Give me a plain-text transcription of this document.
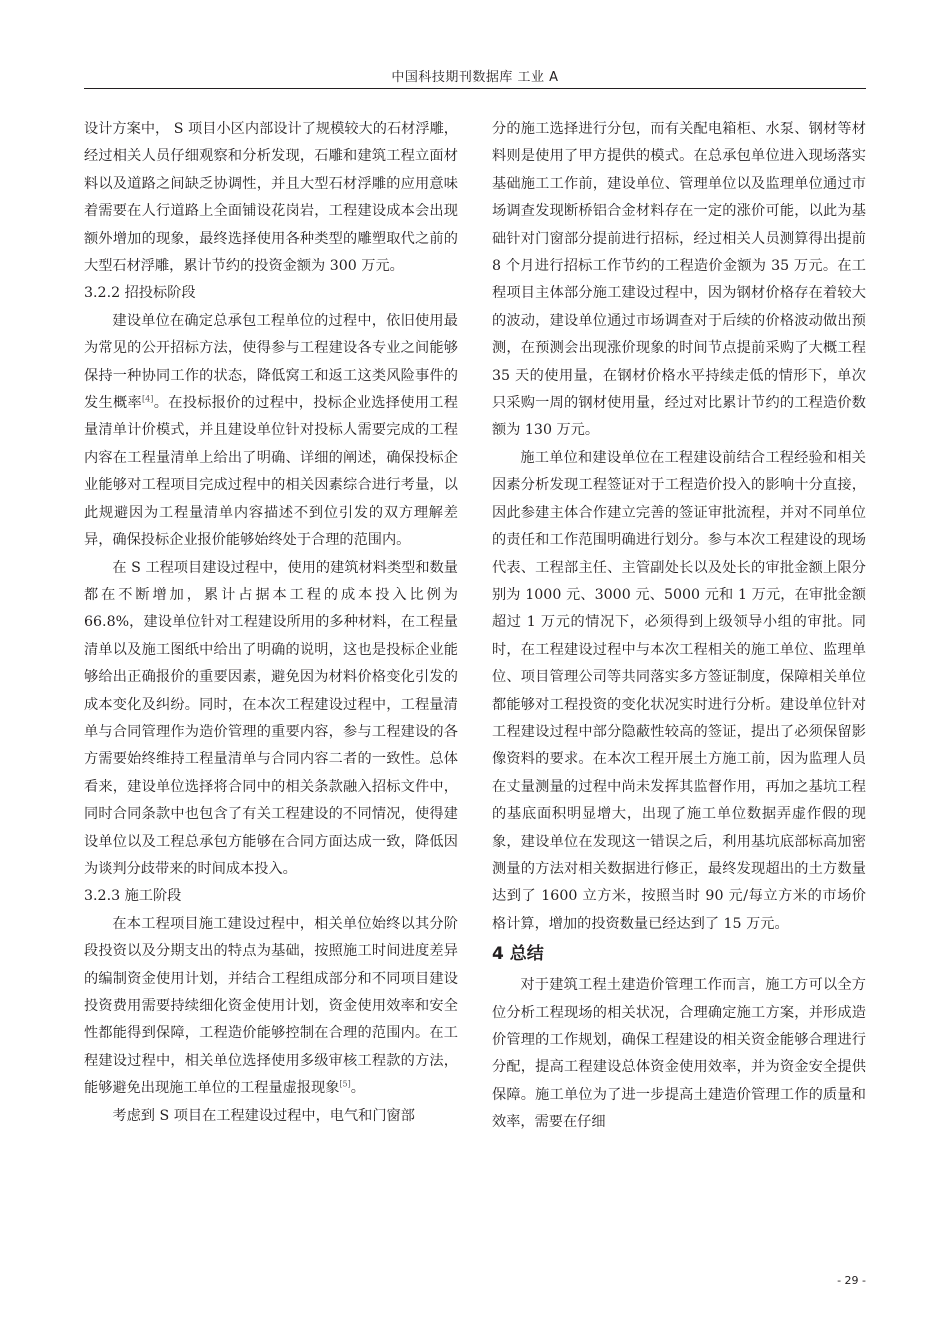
中国科技期刊数据库 工业 A

设计方案中， S 项目小区内部设计了规模较大的石材浮雕，经过相关人员仔细观察和分析发现，石雕和建筑工程立面材料以及道路之间缺乏协调性，并且大型石材浮雕的应用意味着需要在人行道路上全面铺设花岗岩，工程建设成本会出现额外增加的现象，最终选择使用各种类型的雕塑取代之前的大型石材浮雕，累计节约的投资金额为 300 万元。

3.2.2 招投标阶段

建设单位在确定总承包工程单位的过程中，依旧使用最为常见的公开招标方法，使得参与工程建设各专业之间能够保持一种协同工作的状态，降低窝工和返工这类风险事件的发生概率[4]。在投标报价的过程中，投标企业选择使用工程量清单计价模式，并且建设单位针对投标人需要完成的工程内容在工程量清单上给出了明确、详细的阐述，确保投标企业能够对工程项目完成过程中的相关因素综合进行考量，以此规避因为工程量清单内容描述不到位引发的双方理解差异，确保投标企业报价能够始终处于合理的范围内。

在 S 工程项目建设过程中，使用的建筑材料类型和数量都在不断增加，累计占据本工程的成本投入比例为 66.8%，建设单位针对工程建设所用的多种材料，在工程量清单以及施工图纸中给出了明确的说明，这也是投标企业能够给出正确报价的重要因素，避免因为材料价格变化引发的成本变化及纠纷。同时，在本次工程建设过程中，工程量清单与合同管理作为造价管理的重要内容，参与工程建设的各方需要始终维持工程量清单与合同内容二者的一致性。总体看来，建设单位选择将合同中的相关条款融入招标文件中，同时合同条款中也包含了有关工程建设的不同情况，使得建设单位以及工程总承包方能够在合同方面达成一致，降低因为谈判分歧带来的时间成本投入。

3.2.3 施工阶段

在本工程项目施工建设过程中，相关单位始终以其分阶段投资以及分期支出的特点为基础，按照施工时间进度差异的编制资金使用计划，并结合工程组成部分和不同项目建设投资费用需要持续细化资金使用计划，资金使用效率和安全性都能得到保障，工程造价能够控制在合理的范围内。在工程建设过程中，相关单位选择使用多级审核工程款的方法，能够避免出现施工单位的工程量虚报现象[5]。

考虑到 S 项目在工程建设过程中，电气和门窗部

分的施工选择进行分包，而有关配电箱柜、水泵、钢材等材料则是使用了甲方提供的模式。在总承包单位进入现场落实基础施工工作前，建设单位、管理单位以及监理单位通过市场调查发现断桥铝合金材料存在一定的涨价可能，以此为基础针对门窗部分提前进行招标，经过相关人员测算得出提前 8 个月进行招标工作节约的工程造价金额为 35 万元。在工程项目主体部分施工建设过程中，因为钢材价格存在着较大的波动，建设单位通过市场调查对于后续的价格波动做出预测，在预测会出现涨价现象的时间节点提前采购了大概工程 35 天的使用量，在钢材价格水平持续走低的情形下，单次只采购一周的钢材使用量，经过对比累计节约的工程造价数额为 130 万元。

施工单位和建设单位在工程建设前结合工程经验和相关因素分析发现工程签证对于工程造价投入的影响十分直接，因此参建主体合作建立完善的签证审批流程，并对不同单位的责任和工作范围明确进行划分。参与本次工程建设的现场代表、工程部主任、主管副处长以及处长的审批金额上限分别为 1000 元、3000 元、5000 元和 1 万元，在审批金额超过 1 万元的情况下，必须得到上级领导小组的审批。同时，在工程建设过程中与本次工程相关的施工单位、监理单位、项目管理公司等共同落实多方签证制度，保障相关单位都能够对工程投资的变化状况实时进行分析。建设单位针对工程建设过程中部分隐蔽性较高的签证，提出了必须保留影像资料的要求。在本次工程开展土方施工前，因为监理人员在丈量测量的过程中尚未发挥其监督作用，再加之基坑工程的基底面积明显增大，出现了施工单位数据弄虚作假的现象，建设单位在发现这一错误之后，利用基坑底部标高加密测量的方法对相关数据进行修正，最终发现超出的土方数量达到了 1600 立方米，按照当时 90 元/每立方米的市场价格计算，增加的投资数量已经达到了 15 万元。

4 总结

对于建筑工程土建造价管理工作而言，施工方可以全方位分析工程现场的相关状况，合理确定施工方案，并形成造价管理的工作规划，确保工程建设的相关资金能够合理进行分配，提高工程建设总体资金使用效率，并为资金安全提供保障。施工单位为了进一步提高土建造价管理工作的质量和效率，需要在仔细

- 29 -
